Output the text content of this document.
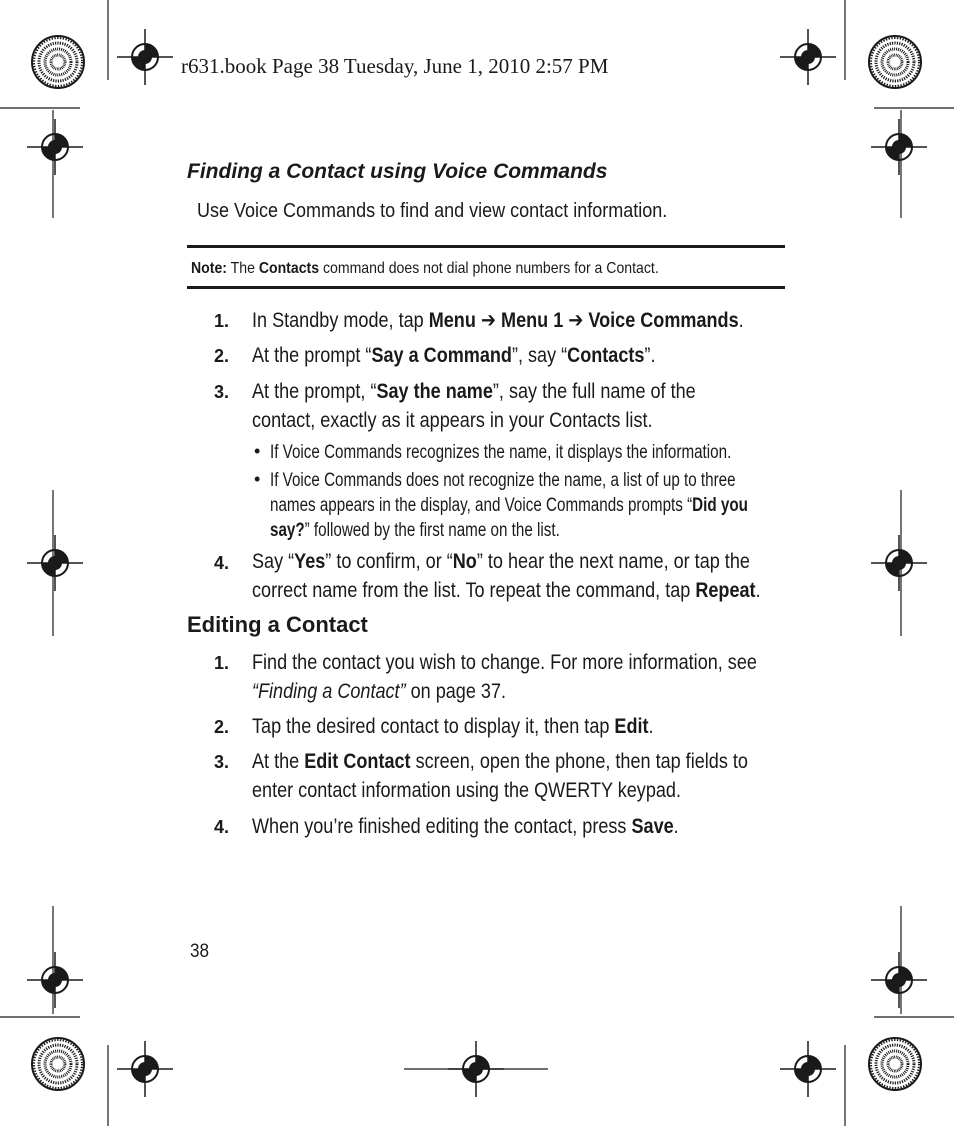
r631.book Page 38 Tuesday, June 1, 2010 2:57 PM
Finding a Contact using Voice Commands
Use Voice Commands to find and view contact information.
Note: The Contacts command does not dial phone numbers for a Contact.
1.	In Standby mode, tap Menu ➔ Menu 1 ➔ Voice Commands.
2.	At the prompt “Say a Command”, say “Contacts”.
3.	At the prompt, “Say the name”, say the full name of the
contact, exactly as it appears in your Contacts list.
• If Voice Commands recognizes the name, it displays the information.
• If Voice Commands does not recognize the name, a list of up to three
names appears in the display, and Voice Commands prompts “Did you
say?” followed by the first name on the list.
4.	Say “Yes” to confirm, or “No” to hear the next name, or tap the
correct name from the list. To repeat the command, tap Repeat.
Editing a Contact
1.	Find the contact you wish to change. For more information, see
“Finding a Contact” on page 37.
2.	Tap the desired contact to display it, then tap Edit.
3.	At the Edit Contact screen, open the phone, then tap fields to
enter contact information using the QWERTY keypad.
4.	When you’re finished editing the contact, press Save.
38
